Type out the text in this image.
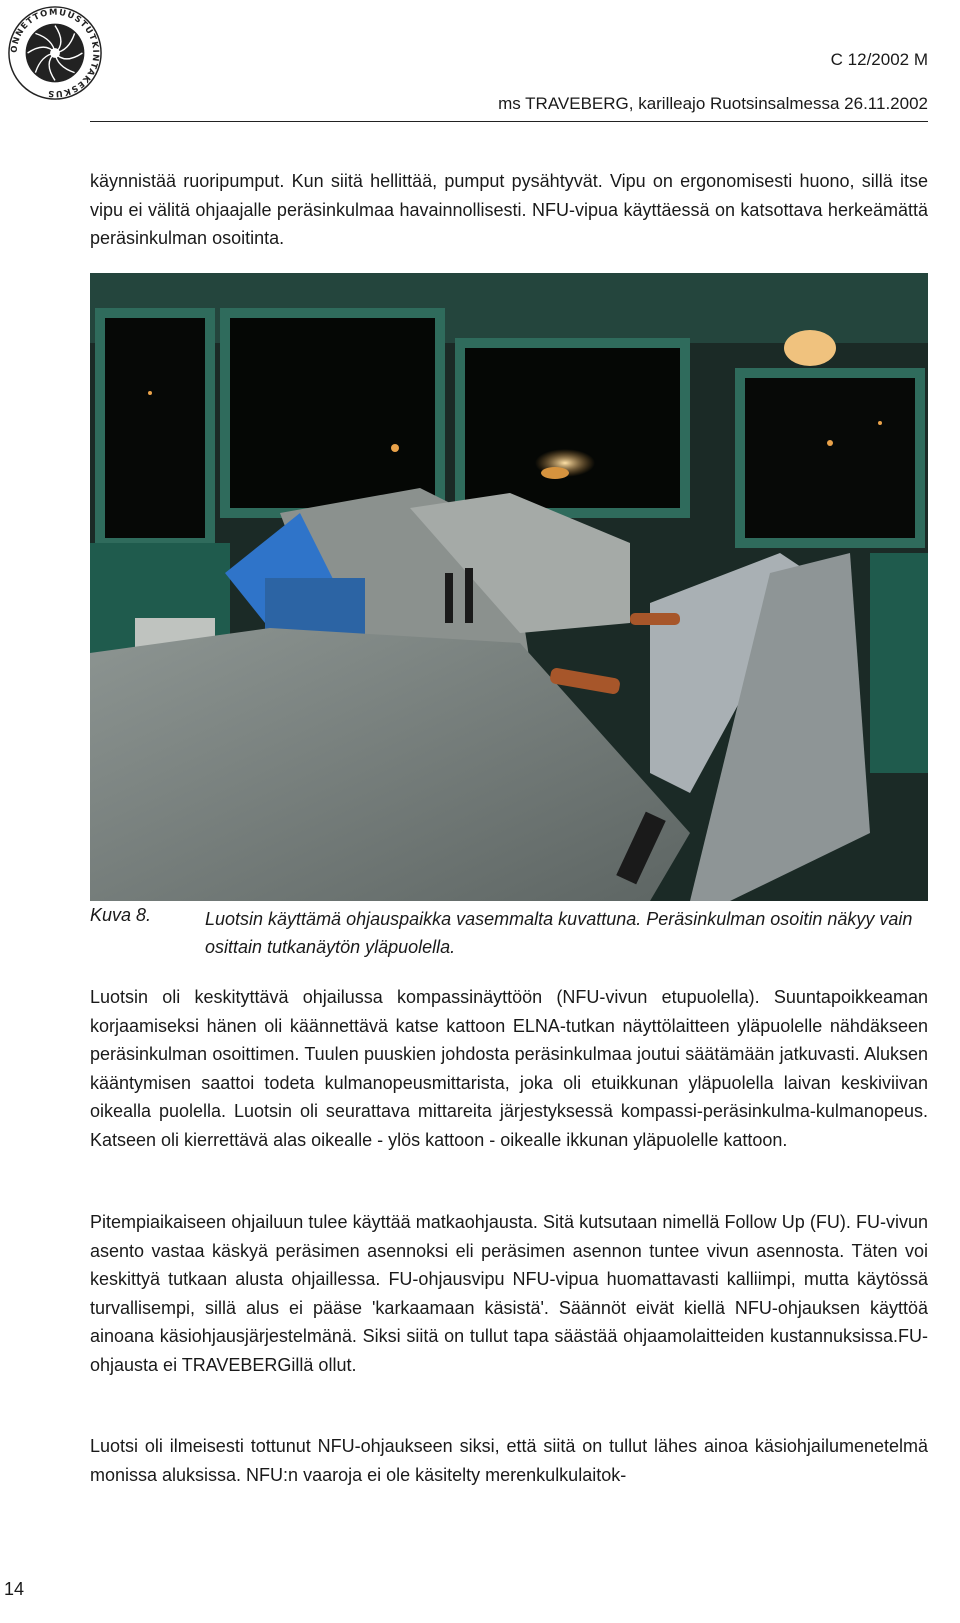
ONNETTOMUUSTUTKINTAKESKUS
C 12/2002 M
ms TRAVEBERG, karilleajo Ruotsinsalmessa 26.11.2002

käynnistää ruoripumput. Kun siitä hellittää, pumput pysähtyvät. Vipu on ergonomisesti huono, sillä itse vipu ei välitä ohjaajalle peräsinkulmaa havainnollisesti. NFU-vipua käyttäessä on katsottava herkeämättä peräsinkulman osoitinta.

Kuva 8.	Luotsin käyttämä ohjauspaikka vasemmalta kuvattuna. Peräsinkulman osoitin näkyy vain osittain tutkanäytön yläpuolella.

Luotsin oli keskityttävä ohjailussa kompassinäyttöön (NFU-vivun etupuolella). Suuntapoikkeaman korjaamiseksi hänen oli käännettävä katse kattoon ELNA-tutkan näyttölaitteen yläpuolelle nähdäkseen peräsinkulman osoittimen. Tuulen puuskien johdosta peräsinkulmaa joutui säätämään jatkuvasti. Aluksen kääntymisen saattoi todeta kulmanopeusmittarista, joka oli etuikkunan yläpuolella laivan keskiviivan oikealla puolella. Luotsin oli seurattava mittareita järjestyksessä kompassi-peräsinkulma-kulmanopeus. Katseen oli kierrettävä alas oikealle - ylös kattoon - oikealle ikkunan yläpuolelle kattoon.

Pitempiaikaiseen ohjailuun tulee käyttää matkaohjausta. Sitä kutsutaan nimellä Follow Up (FU). FU-vivun asento vastaa käskyä peräsimen asennoksi eli peräsimen asennon tuntee vivun asennosta. Täten voi keskittyä tutkaan alusta ohjaillessa. FU-ohjausvipu NFU-vipua huomattavasti kalliimpi, mutta käytössä turvallisempi, sillä alus ei pääse 'karkaamaan käsistä'. Säännöt eivät kiellä NFU-ohjauksen käyttöä ainoana käsiohjausjärjestelmänä. Siksi siitä on tullut tapa säästää ohjaamolaitteiden kustannuksissa.FU-ohjausta ei TRAVEBERGillä ollut.

Luotsi oli ilmeisesti tottunut NFU-ohjaukseen siksi, että siitä on tullut lähes ainoa käsiohjailumenetelmä monissa aluksissa. NFU:n vaaroja ei ole käsitelty merenkulkulaitok-

14
